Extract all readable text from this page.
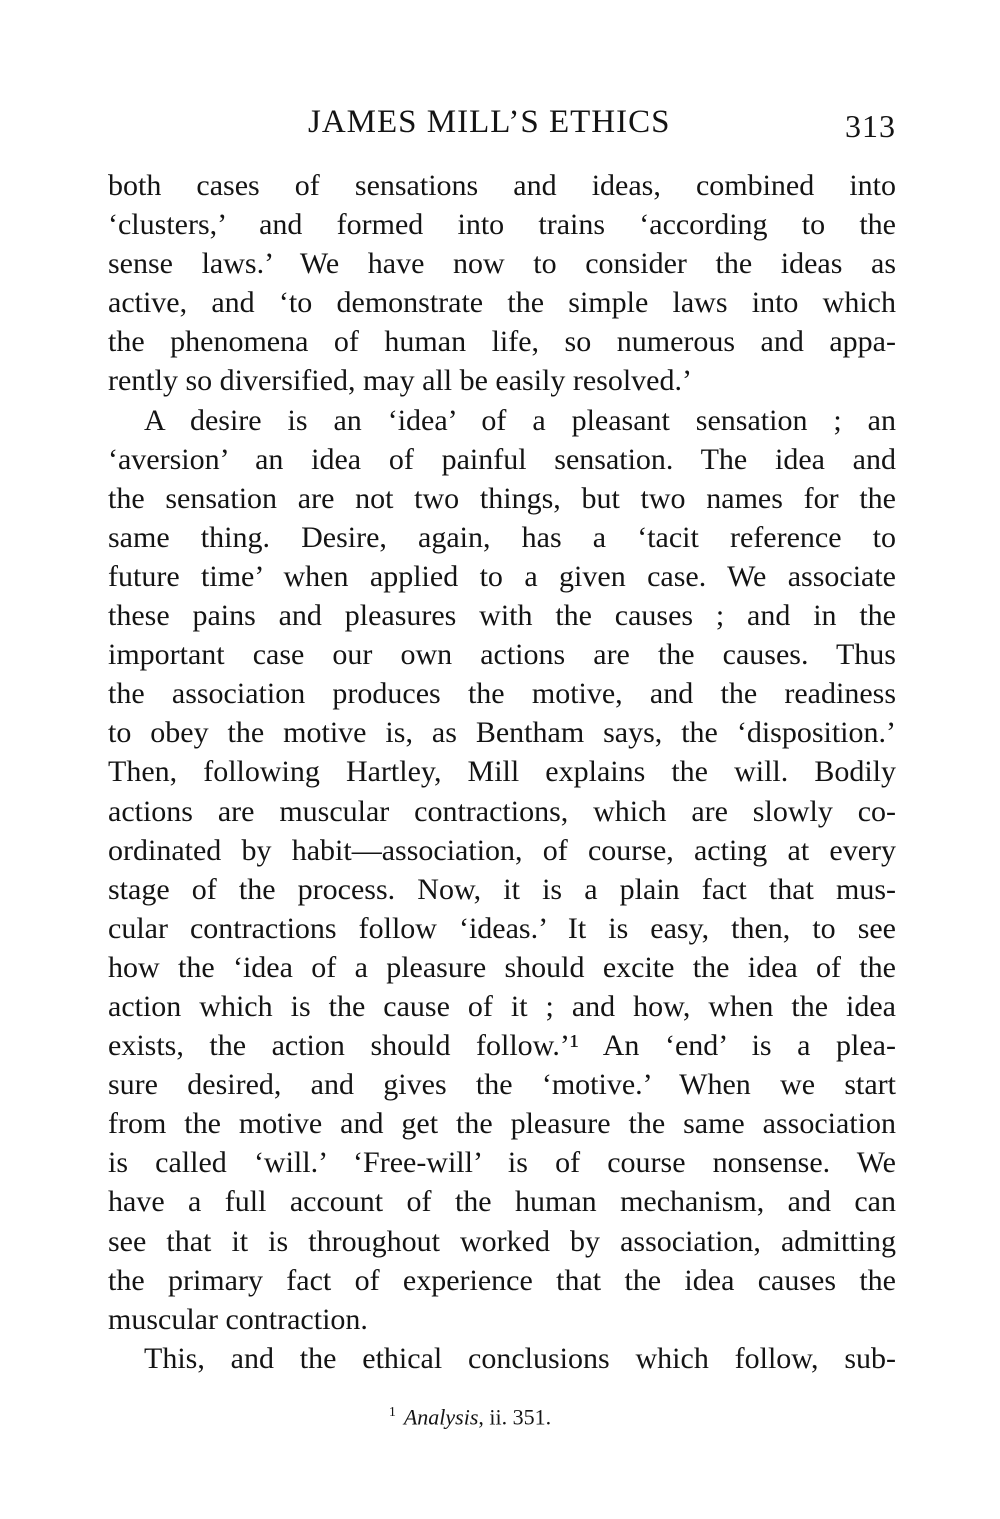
JAMES MILL’S ETHICS	313
both cases of sensations and ideas, combined into
‘clusters,’ and formed into trains ‘according to the
sense laws.’ We have now to consider the ideas as
active, and ‘to demonstrate the simple laws into which
the phenomena of human life, so numerous and appa-
rently so diversified, may all be easily resolved.’
A desire is an ‘idea’ of a pleasant sensation ; an
‘aversion’ an idea of painful sensation. The idea and
the sensation are not two things, but two names for the
same thing. Desire, again, has a ‘tacit reference to
future time’ when applied to a given case. We associate
these pains and pleasures with the causes ; and in the
important case our own actions are the causes. Thus
the association produces the motive, and the readiness
to obey the motive is, as Bentham says, the ‘disposition.’
Then, following Hartley, Mill explains the will. Bodily
actions are muscular contractions, which are slowly co-
ordinated by habit—association, of course, acting at every
stage of the process. Now, it is a plain fact that mus-
cular contractions follow ‘ideas.’ It is easy, then, to see
how the ‘idea of a pleasure should excite the idea of the
action which is the cause of it ; and how, when the idea
exists, the action should follow.’¹ An ‘end’ is a plea-
sure desired, and gives the ‘motive.’ When we start
from the motive and get the pleasure the same association
is called ‘will.’ ‘Free-will’ is of course nonsense. We
have a full account of the human mechanism, and can
see that it is throughout worked by association, admitting
the primary fact of experience that the idea causes the
muscular contraction.
This, and the ethical conclusions which follow, sub-
$^1$ Analysis, ii. 351.
